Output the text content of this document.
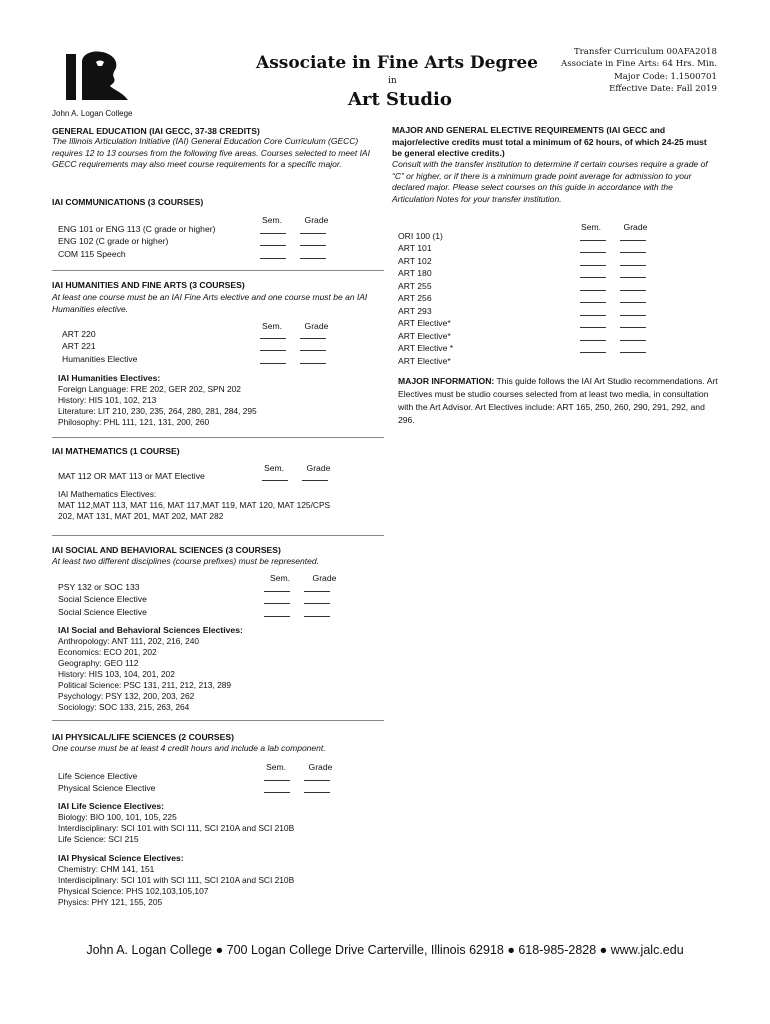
John A. Logan College
Associate in Fine Arts Degree
in
Art Studio
Transfer Curriculum 00AFA2018
Associate in Fine Arts: 64 Hrs. Min.
Major Code: 1.1500701
Effective Date: Fall 2019
GENERAL EDUCATION (IAI GECC, 37-38 CREDITS)
The Illinois Articulation Initiative (IAI) General Education Core Curriculum (GECC) requires 12 to 13 courses from the following five areas. Courses selected to meet IAI GECC requirements may also meet course requirements for a specific major.
IAI COMMUNICATIONS (3 COURSES)
Sem.	Grade
ENG 101 or ENG 113 (C grade or higher)
ENG 102 (C grade or higher)
COM 115 Speech
IAI HUMANITIES AND FINE ARTS (3 COURSES)
At least one course must be an IAI Fine Arts elective and one course must be an IAI Humanities elective.
Sem.	Grade
ART 220
ART 221
Humanities Elective
IAI Humanities Electives:
Foreign Language: FRE 202, GER 202, SPN 202
History: HIS 101, 102, 213
Literature: LIT 210, 230, 235, 264, 280, 281, 284, 295
Philosophy: PHL 111, 121, 131, 200, 260
IAI MATHEMATICS (1 COURSE)
Sem.	Grade
MAT 112 OR MAT 113 or MAT Elective
IAI Mathematics Electives:
MAT 112,MAT 113, MAT 116, MAT 117,MAT 119, MAT 120, MAT 125/CPS
202, MAT 131, MAT 201, MAT 202, MAT 282
IAI SOCIAL AND BEHAVIORAL SCIENCES (3 COURSES)
At least two different disciplines (course prefixes) must be represented.
Sem.	Grade
PSY 132 or SOC 133
Social Science Elective
Social Science Elective
IAI Social and Behavioral Sciences Electives:
Anthropology: ANT 111, 202, 216, 240
Economics: ECO 201, 202
Geography: GEO 112
History: HIS 103, 104, 201, 202
Political Science: PSC 131, 211, 212, 213, 289
Psychology: PSY 132, 200, 203, 262
Sociology: SOC 133, 215, 263, 264
IAI PHYSICAL/LIFE SCIENCES (2 COURSES)
One course must be at least 4 credit hours and include a lab component.
Sem.	Grade
Life Science Elective
Physical Science Elective
IAI Life Science Electives:
Biology: BIO 100, 101, 105, 225
Interdisciplinary: SCI 101 with SCI 111, SCI 210A and SCI 210B
Life Science: SCI 215
IAI Physical Science Electives:
Chemistry: CHM 141, 151
Interdisciplinary: SCI 101 with SCI 111, SCI 210A and SCI 210B
Physical Science: PHS 102,103,105,107
Physics: PHY 121, 155, 205
MAJOR AND GENERAL ELECTIVE REQUIREMENTS (IAI GECC and major/elective credits must total a minimum of 62 hours, of which 24-25 must be general elective credits.)
Consult with the transfer institution to determine if certain courses require a grade of “C” or higher, or if there is a minimum grade point average for admission to your declared major. Please select courses on this guide in accordance with the Articulation Notes for your transfer institution.
Sem.	Grade
ORI 100 (1)
ART 101
ART 102
ART 180
ART 255
ART 256
ART 293
ART Elective*
ART Elective*
ART Elective *
ART Elective*
MAJOR INFORMATION: This guide follows the IAI Art Studio recommendations. Art Electives must be studio courses selected from at least two media, in consultation with the Art Advisor. Art Electives include: ART 165, 250, 260, 290, 291, 292, and 296.
John A. Logan College ● 700 Logan College Drive Carterville, Illinois 62918 ● 618-985-2828 ● www.jalc.edu
